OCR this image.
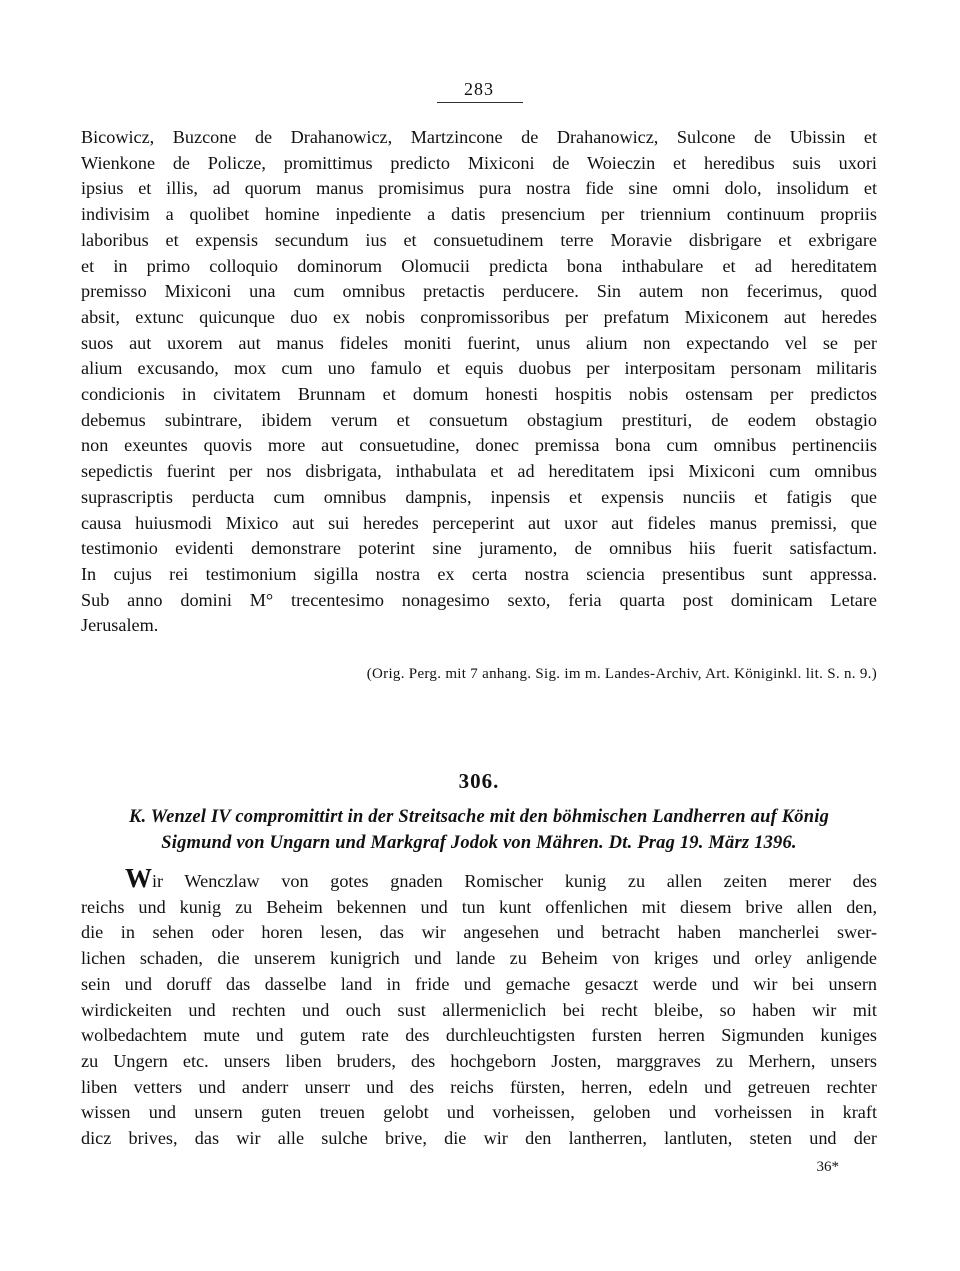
283
Bicowicz, Buzcone de Drahanowicz, Martzincone de Drahanowicz, Sulcone de Ubissin et
Wienkone de Policze, promittimus predicto Mixiconi de Woieczin et heredibus suis uxori
ipsius et illis, ad quorum manus promisimus pura nostra fide sine omni dolo, insolidum et
indivisim a quolibet homine inpediente a datis presencium per triennium continuum propriis
laboribus et expensis secundum ius et consuetudinem terre Moravie disbrigare et exbrigare
et in primo colloquio dominorum Olomucii predicta bona inthabulare et ad hereditatem
premisso Mixiconi una cum omnibus pretactis perducere. Sin autem non fecerimus, quod
absit, extunc quicunque duo ex nobis conpromissoribus per prefatum Mixiconem aut heredes
suos aut uxorem aut manus fideles moniti fuerint, unus alium non expectando vel se per
alium excusando, mox cum uno famulo et equis duobus per interpositam personam militaris
condicionis in civitatem Brunnam et domum honesti hospitis nobis ostensam per predictos
debemus subintrare, ibidem verum et consuetum obstagium prestituri, de eodem obstagio
non exeuntes quovis more aut consuetudine, donec premissa bona cum omnibus pertinenciis
sepedictis fuerint per nos disbrigata, inthabulata et ad hereditatem ipsi Mixiconi cum omnibus
suprascriptis perducta cum omnibus dampnis, inpensis et expensis nunciis et fatigis que
causa huiusmodi Mixico aut sui heredes perceperint aut uxor aut fideles manus premissi, que
testimonio evidenti demonstrare poterint sine juramento, de omnibus hiis fuerit satisfactum.
In cujus rei testimonium sigilla nostra ex certa nostra sciencia presentibus sunt appressa.
Sub anno domini M° trecentesimo nonagesimo sexto, feria quarta post dominicam Letare
Jerusalem.
(Orig. Perg. mit 7 anhang. Sig. im m. Landes-Archiv, Art. Königinkl. lit. S. n. 9.)
306.
K. Wenzel IV compromittirt in der Streitsache mit den böhmischen Landherren auf König
Sigmund von Ungarn und Markgraf Jodok von Mähren. Dt. Prag 19. März 1396.
Wir Wenczlaw von gotes gnaden Romischer kunig zu allen zeiten merer des
reichs und kunig zu Beheim bekennen und tun kunt offenlichen mit diesem brive allen den,
die in sehen oder horen lesen, das wir angesehen und betracht haben mancherlei swer-
lichen schaden, die unserem kunigrich und lande zu Beheim von kriges und orley anligende
sein und doruff das dasselbe land in fride und gemache gesaczt werde und wir bei unsern
wirdickeiten und rechten und ouch sust allermeniclich bei recht bleibe, so haben wir mit
wolbedachtem mute und gutem rate des durchleuchtigsten fursten herren Sigmunden kuniges
zu Ungern etc. unsers liben bruders, des hochgeborn Josten, marggraves zu Merhern, unsers
liben vetters und anderr unserr und des reichs fürsten, herren, edeln und getreuen rechter
wissen und unsern guten treuen gelobt und vorheissen, geloben und vorheissen in kraft
dicz brives, das wir alle sulche brive, die wir den lantherren, lantluten, steten und der
36*
